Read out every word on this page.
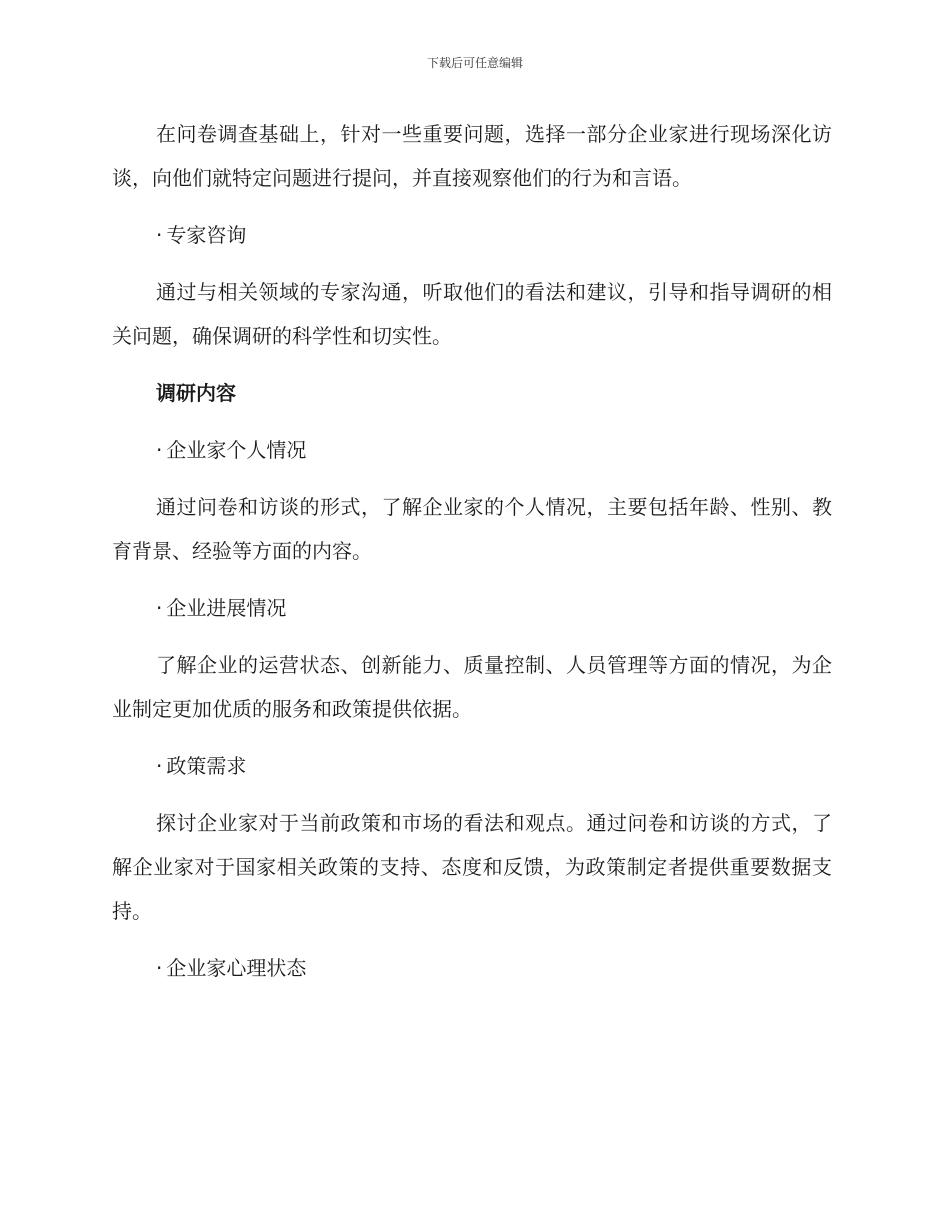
下载后可任意编辑

在问卷调查基础上，针对一些重要问题，选择一部分企业家进行现场深化访谈，向他们就特定问题进行提问，并直接观察他们的行为和言语。

· 专家咨询

通过与相关领域的专家沟通，听取他们的看法和建议，引导和指导调研的相关问题，确保调研的科学性和切实性。

调研内容
· 企业家个人情况

通过问卷和访谈的形式，了解企业家的个人情况，主要包括年龄、性别、教育背景、经验等方面的内容。

· 企业进展情况

了解企业的运营状态、创新能力、质量控制、人员管理等方面的情况，为企业制定更加优质的服务和政策提供依据。

· 政策需求

探讨企业家对于当前政策和市场的看法和观点。通过问卷和访谈的方式，了解企业家对于国家相关政策的支持、态度和反馈，为政策制定者提供重要数据支持。

· 企业家心理状态
